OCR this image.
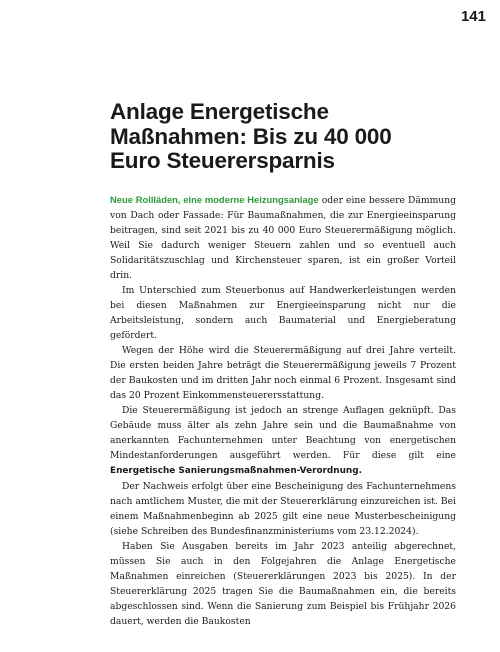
141
Anlage Energetische
Maßnahmen: Bis zu 40 000
Euro Steuerersparnis

Neue Rollläden, eine moderne Heizungsanlage oder eine bessere Dämmung von Dach oder Fassade: Für Baumaßnahmen, die zur Energieeinsparung beitragen, sind seit 2021 bis zu 40 000 Euro Steuerermäßigung möglich. Weil Sie dadurch weniger Steuern zahlen und so eventuell auch Solidaritätszuschlag und Kirchensteuer sparen, ist ein großer Vorteil drin.

Im Unterschied zum Steuerbonus auf Handwerkerleistungen werden bei diesen Maßnahmen zur Energieeinsparung nicht nur die Arbeitsleistung, sondern auch Baumaterial und Energieberatung gefördert.

Wegen der Höhe wird die Steuerermäßigung auf drei Jahre verteilt. Die ersten beiden Jahre beträgt die Steuerermäßigung jeweils 7 Prozent der Baukosten und im dritten Jahr noch einmal 6 Prozent. Insgesamt sind das 20 Prozent Einkommensteuerersstattung.

Die Steuerermäßigung ist jedoch an strenge Auflagen geknüpft. Das Gebäude muss älter als zehn Jahre sein und die Baumaßnahme von anerkannten Fachunternehmen unter Beachtung von energetischen Mindestanforderungen ausgeführt werden. Für diese gilt eine Energetische Sanierungsmaßnahmen-Verordnung.

Der Nachweis erfolgt über eine Bescheinigung des Fachunternehmens nach amtlichem Muster, die mit der Steuererklärung einzureichen ist. Bei einem Maßnahmenbeginn ab 2025 gilt eine neue Musterbescheinigung (siehe Schreiben des Bundesfinanzministeriums vom 23.12.2024).

Haben Sie Ausgaben bereits im Jahr 2023 anteilig abgerechnet, müssen Sie auch in den Folgejahren die Anlage Energetische Maßnahmen einreichen (Steuererklärungen 2023 bis 2025). In der Steuererklärung 2025 tragen Sie die Baumaßnahmen ein, die bereits abgeschlossen sind. Wenn die Sanierung zum Beispiel bis Frühjahr 2026 dauert, werden die Baukosten
